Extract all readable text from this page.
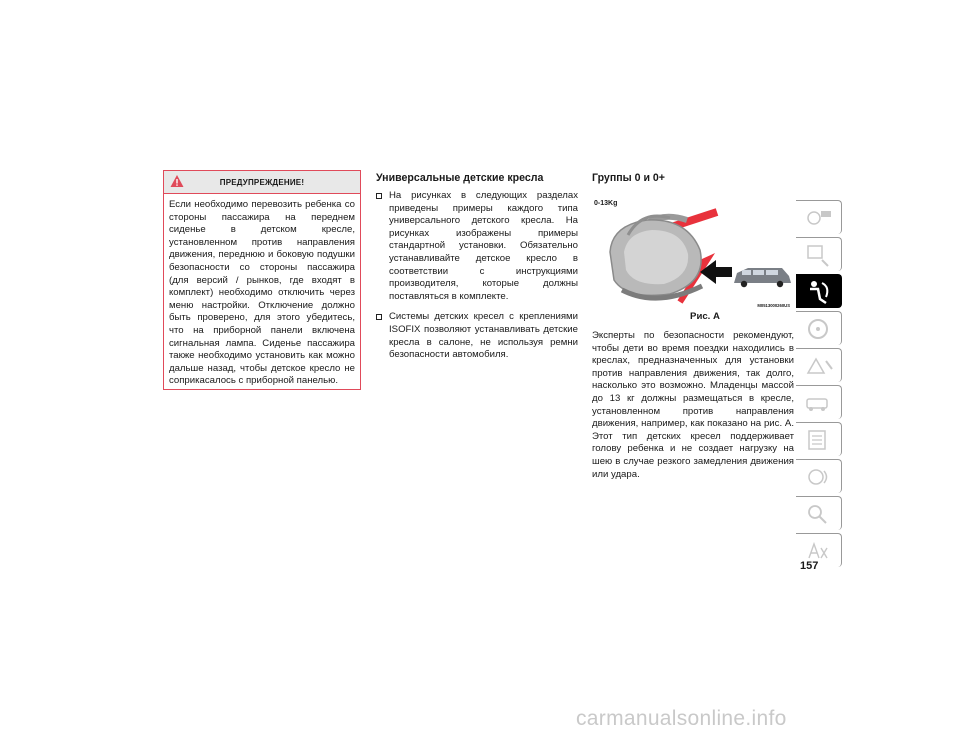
ПРЕДУПРЕЖДЕНИЕ!
Если необходимо перевозить ребенка со стороны пассажира на переднем сиденье в детском кресле, установленном против направления движения, переднюю и боковую подушки безопасности со стороны пассажира (для версий / рынков, где входят в комплект) необходимо отключить через меню настройки. Отключение должно быть проверено, для этого убедитесь, что на приборной панели включена сигнальная лампа. Сиденье пассажира также необходимо установить как можно дальше назад, чтобы детское кресло не соприкасалось с приборной панелью.
Универсальные детские кресла
На рисунках в следующих разделах приведены примеры каждого типа универсального детского кресла. На рисунках изображены примеры стандартной установки. Обязательно устанавливайте детское кресло в соответствии с инструкциями производителя, которые должны поставляться в комплекте.
Системы детских кресел с креплениями ISOFIX позволяют устанавливать детские кресла в салоне, не используя ремни безопасности автомобиля.
Группы 0 и 0+
0-13Kg
M0513000260US
Рис. A
Эксперты по безопасности рекомендуют, чтобы дети во время поездки находились в креслах, предназначенных для установки против направления движения, так долго, насколько это возможно. Младенцы массой до 13 кг должны размещаться в кресле, установленном против направления движения, например, как показано на рис. А. Этот тип детских кресел поддерживает голову ребенка и не создает нагрузку на шею в случае резкого замедления движения или удара.
157
carmanualsonline.info
